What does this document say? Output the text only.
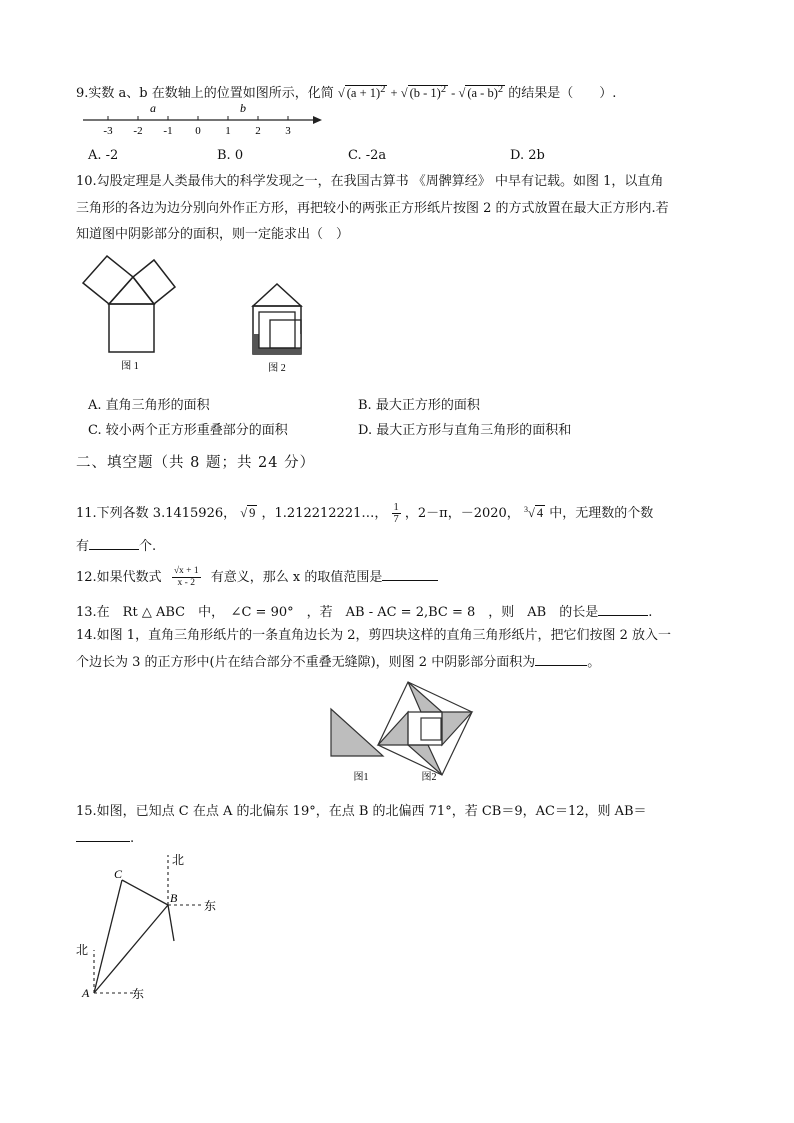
9.实数 a、b 在数轴上的位置如图所示，化简 √ $(a + 1)^2$ + √ (b - 1)$^2$ - √ (a - b)$^2$ 的结果是（　　）.
-3 -2 -1 0 1 2 3
a	b
A. -2	B. 0	C. -2a	D. 2b
10.勾股定理是人类最伟大的科学发现之一，在我国古算书 《周髀算经》 中早有记载。如图 1，以直角
三角形的各边为边分别向外作正方形，再把较小的两张正方形纸片按图 2 的方式放置在最大正方形内.若
知道图中阴影部分的面积，则一定能求出（　）
图 1	图 2
A. 直角三角形的面积	B. 最大正方形的面积
C. 较小两个正方形重叠部分的面积	D. 最大正方形与直角三角形的面积和
二、填空题（共 8 题；共 24 分）
11.下列各数 3.1415926， √ 9 ，1.212212221…， $\frac{1}{7}$ ，2－π，－2020， $^3$√ 4 中，无理数的个数
有	个.
12.如果代数式 $\frac{√x + 1}{x - 2}$ 有意义，那么 x 的取值范围是
13.在　Rt △ ABC　中，　∠C = 90°　，若　AB - AC = 2,BC = 8　，则　AB　的长是	.
14.如图 1，直角三角形纸片的一条直角边长为 2，剪四块这样的直角三角形纸片，把它们按图 2 放入一
个边长为 3 的正方形中(片在结合部分不重叠无缝隙)，则图 2 中阴影部分面积为	。
图1	图2
15.如图，已知点 C 在点 A 的北偏东 19°，在点 B 的北偏西 71°，若 CB＝9，AC＝12，则 AB＝
.
C
B
A
北
东
北
东
